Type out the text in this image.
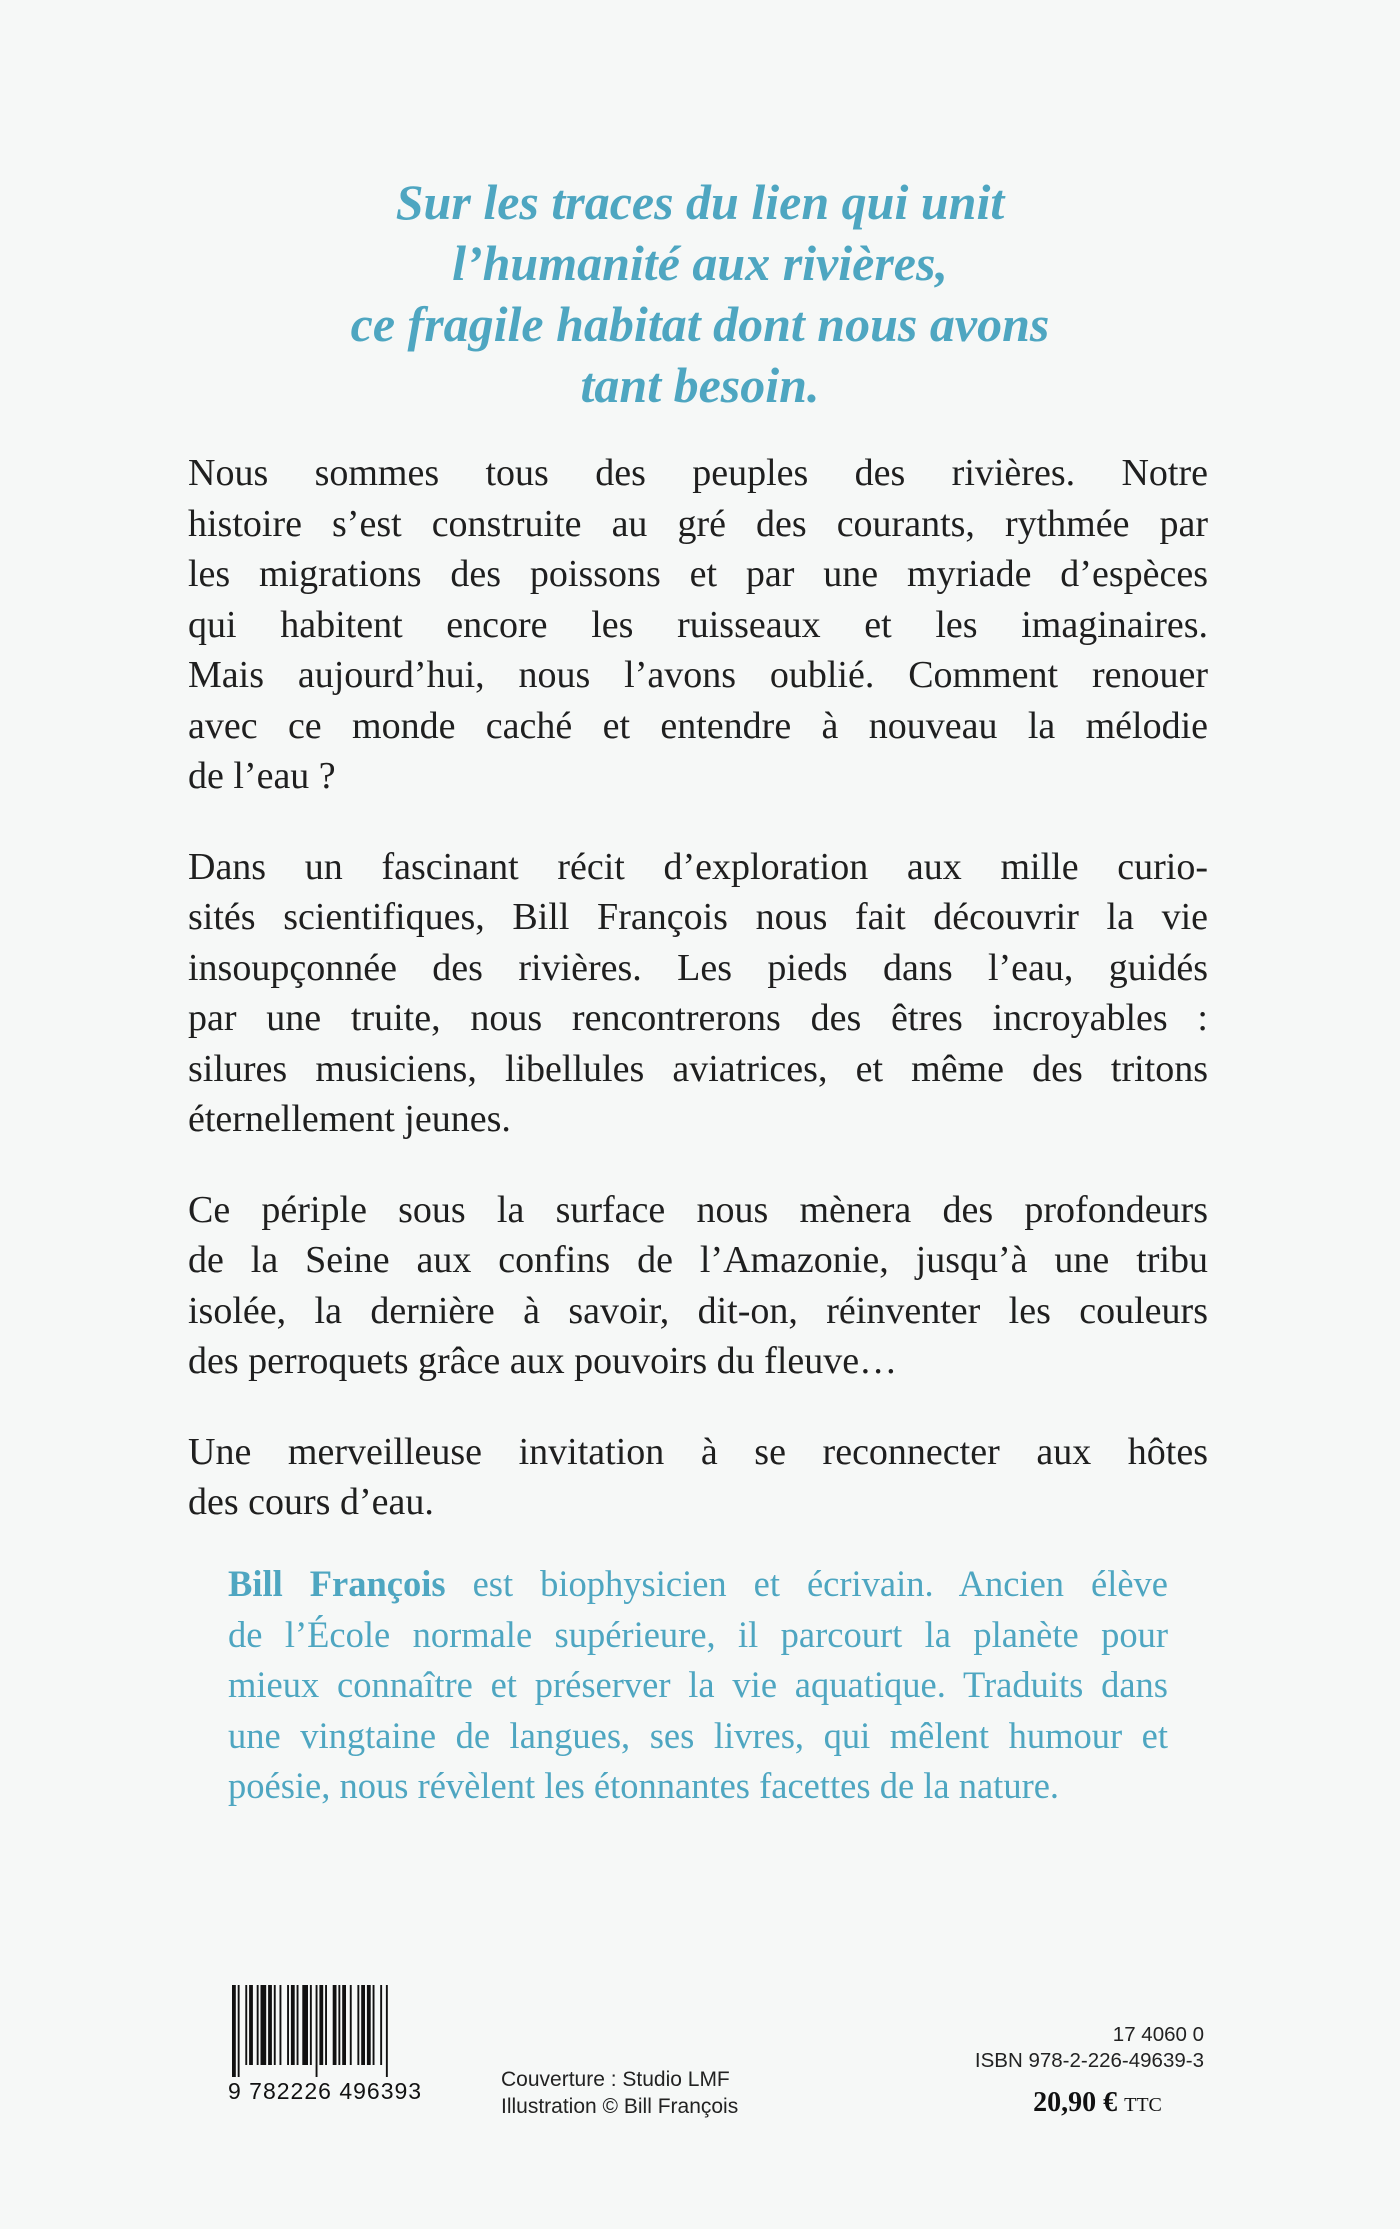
Sur les traces du lien qui unit
l’humanité aux rivières,
ce fragile habitat dont nous avons
tant besoin.
Nous sommes tous des peuples des rivières. Notre
histoire s’est construite au gré des courants, rythmée par
les migrations des poissons et par une myriade d’espèces
qui habitent encore les ruisseaux et les imaginaires.
Mais aujourd’hui, nous l’avons oublié. Comment renouer
avec ce monde caché et entendre à nouveau la mélodie
de l’eau ?
Dans un fascinant récit d’exploration aux mille curio-
sités scientifiques, Bill François nous fait découvrir la vie
insoupçonnée des rivières. Les pieds dans l’eau, guidés
par une truite, nous rencontrerons des êtres incroyables :
silures musiciens, libellules aviatrices, et même des tritons
éternellement jeunes.
Ce périple sous la surface nous mènera des profondeurs
de la Seine aux confins de l’Amazonie, jusqu’à une tribu
isolée, la dernière à savoir, dit-on, réinventer les couleurs
des perroquets grâce aux pouvoirs du fleuve…
Une merveilleuse invitation à se reconnecter aux hôtes
des cours d’eau.
Bill François est biophysicien et écrivain. Ancien élève
de l’École normale supérieure, il parcourt la planète pour
mieux connaître et préserver la vie aquatique. Traduits dans
une vingtaine de langues, ses livres, qui mêlent humour et
poésie, nous révèlent les étonnantes facettes de la nature.
9 782226 496393	Couverture : Studio LMF
Illustration © Bill François
17 4060 0
ISBN 978-2-226-49639-3
20,90 € TTC
